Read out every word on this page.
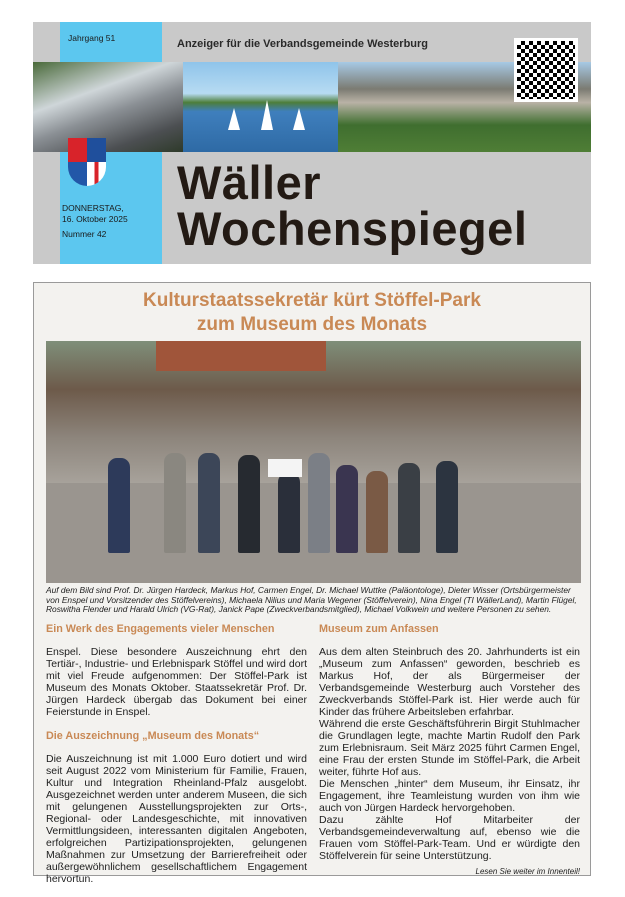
Jahrgang 51	Anzeiger für die Verbandsgemeinde Westerburg
DONNERSTAG,
16. Oktober 2025
Nummer 42
Wäller
Wochenspiegel
Kulturstaatssekretär kürt Stöffel-Park
zum Museum des Monats
Auf dem Bild sind Prof. Dr. Jürgen Hardeck, Markus Hof, Carmen Engel, Dr. Michael Wuttke (Paläontologe), Dieter Wisser (Ortsbürgermeister von Enspel und Vorsitzender des Stöffelvereins), Michaela Nilius und Maria Wegener (Stöffelverein), Nina Engel (TI WällerLand), Martin Flügel, Roswitha Flender und Harald Ulrich (VG-Rat), Janick Pape (Zweckverbandsmitglied), Michael Volkwein und weitere Personen zu sehen.
Ein Werk des Engagements vieler Menschen

Enspel. Diese besondere Auszeichnung ehrt den Tertiär-, Industrie- und Erlebnispark Stöffel und wird dort mit viel Freude aufgenommen: Der Stöffel-Park ist Museum des Monats Oktober. Staatssekretär Prof. Dr. Jürgen Hardeck übergab das Dokument bei einer Feierstunde in Enspel.

Die Auszeichnung „Museum des Monats“

Die Auszeichnung ist mit 1.000 Euro dotiert und wird seit August 2022 vom Ministerium für Familie, Frauen, Kultur und Integration Rheinland-Pfalz ausgelobt. Ausgezeichnet werden unter anderem Museen, die sich mit gelungenen Ausstellungsprojekten zur Orts-, Regional- oder Landesgeschichte, mit innovativen Vermittlungsideen, interessanten digitalen Angeboten, erfolgreichen Partizipationsprojekten, gelungenen Maßnahmen zur Umsetzung der Barrierefreiheit oder außergewöhnlichem gesellschaftlichem Engagement hervortun.

Museum zum Anfassen

Aus dem alten Steinbruch des 20. Jahrhunderts ist ein „Museum zum Anfassen“ geworden, beschrieb es Markus Hof, der als Bürgermeiser der Verbandsgemeinde Westerburg auch Vorsteher des Zweckverbands Stöffel-Park ist. Hier werde auch für Kinder das frühere Arbeitsleben erfahrbar.

Während die erste Geschäftsführerin Birgit Stuhlmacher die Grundlagen legte, machte Martin Rudolf den Park zum Erlebnisraum. Seit März 2025 führt Carmen Engel, eine Frau der ersten Stunde im Stöffel-Park, die Arbeit weiter, führte Hof aus.

Die Menschen „hinter“ dem Museum, ihr Einsatz, ihr Engagement, ihre Teamleistung wurden von ihm wie auch von Jürgen Hardeck hervorgehoben.

Dazu zählte Hof Mitarbeiter der Verbandsgemeindeverwaltung auf, ebenso wie die Frauen vom Stöffel-Park-Team. Und er würdigte den Stöffelverein für seine Unterstützung.

Lesen Sie weiter im Innenteil!
